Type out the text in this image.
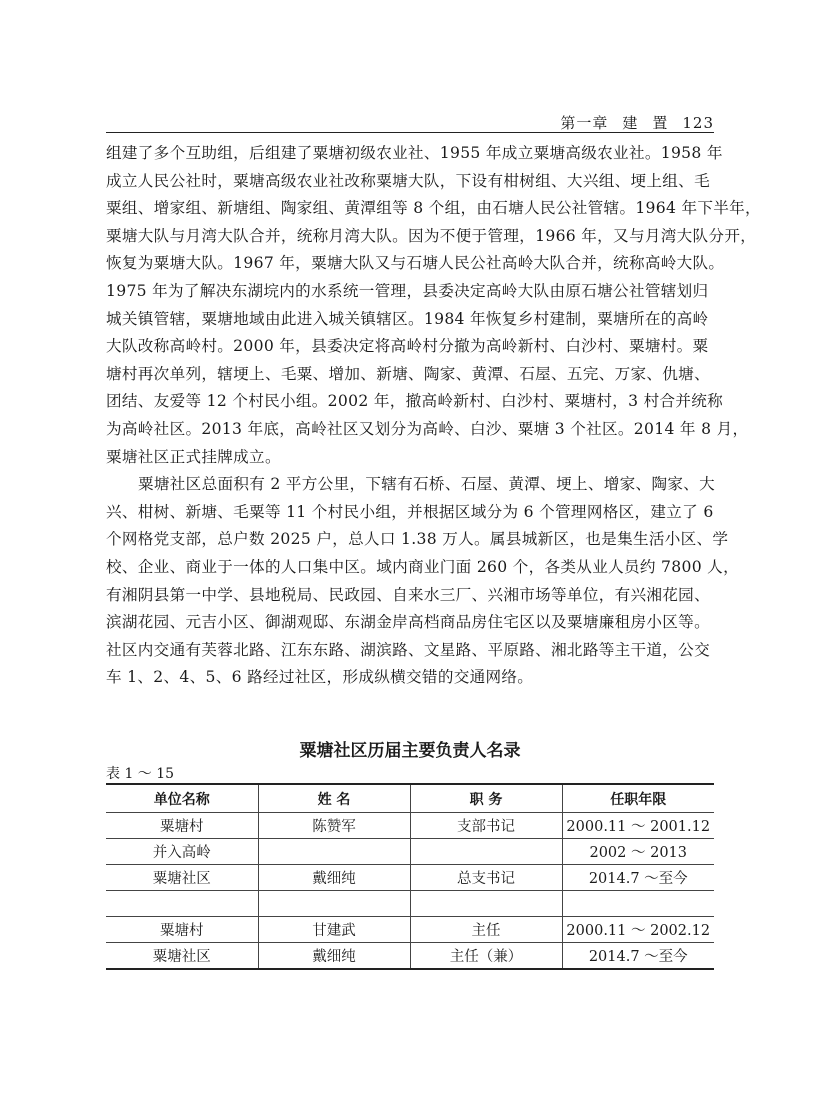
第一章 建 置 123
组建了多个互助组，后组建了粟塘初级农业社、1955 年成立粟塘高级农业社。1958 年
成立人民公社时，粟塘高级农业社改称粟塘大队，下设有柑树组、大兴组、埂上组、毛
粟组、增家组、新塘组、陶家组、黄潭组等 8 个组，由石塘人民公社管辖。1964 年下半年，
粟塘大队与月湾大队合并，统称月湾大队。因为不便于管理，1966 年，又与月湾大队分开，
恢复为粟塘大队。1967 年，粟塘大队又与石塘人民公社高岭大队合并，统称高岭大队。
1975 年为了解决东湖垸内的水系统一管理，县委决定高岭大队由原石塘公社管辖划归
城关镇管辖，粟塘地域由此进入城关镇辖区。1984 年恢复乡村建制，粟塘所在的高岭
大队改称高岭村。2000 年，县委决定将高岭村分撤为高岭新村、白沙村、粟塘村。粟
塘村再次单列，辖埂上、毛粟、增加、新塘、陶家、黄潭、石屋、五完、万家、仇塘、
团结、友爱等 12 个村民小组。2002 年，撤高岭新村、白沙村、粟塘村，3 村合并统称
为高岭社区。2013 年底，高岭社区又划分为高岭、白沙、粟塘 3 个社区。2014 年 8 月，
粟塘社区正式挂牌成立。
粟塘社区总面积有 2 平方公里，下辖有石桥、石屋、黄潭、埂上、增家、陶家、大
兴、柑树、新塘、毛粟等 11 个村民小组，并根据区域分为 6 个管理网格区，建立了 6
个网格党支部，总户数 2025 户，总人口 1.38 万人。属县城新区，也是集生活小区、学
校、企业、商业于一体的人口集中区。域内商业门面 260 个，各类从业人员约 7800 人，
有湘阴县第一中学、县地税局、民政园、自来水三厂、兴湘市场等单位，有兴湘花园、
滨湖花园、元吉小区、御湖观邸、东湖金岸高档商品房住宅区以及粟塘廉租房小区等。
社区内交通有芙蓉北路、江东东路、湖滨路、文星路、平原路、湘北路等主干道，公交
车 1、2、4、5、6 路经过社区，形成纵横交错的交通网络。
粟塘社区历届主要负责人名录
表 1 ～ 15
单位名称	姓 名	职 务	任职年限
粟塘村	陈赞军	支部书记	2000.11 ～ 2001.12
并入高岭			2002 ～ 2013
粟塘社区	戴细纯	总支书记	2014.7 ～至今

粟塘村	甘建武	主任	2000.11 ～ 2002.12
粟塘社区	戴细纯	主任（兼）	2014.7 ～至今
